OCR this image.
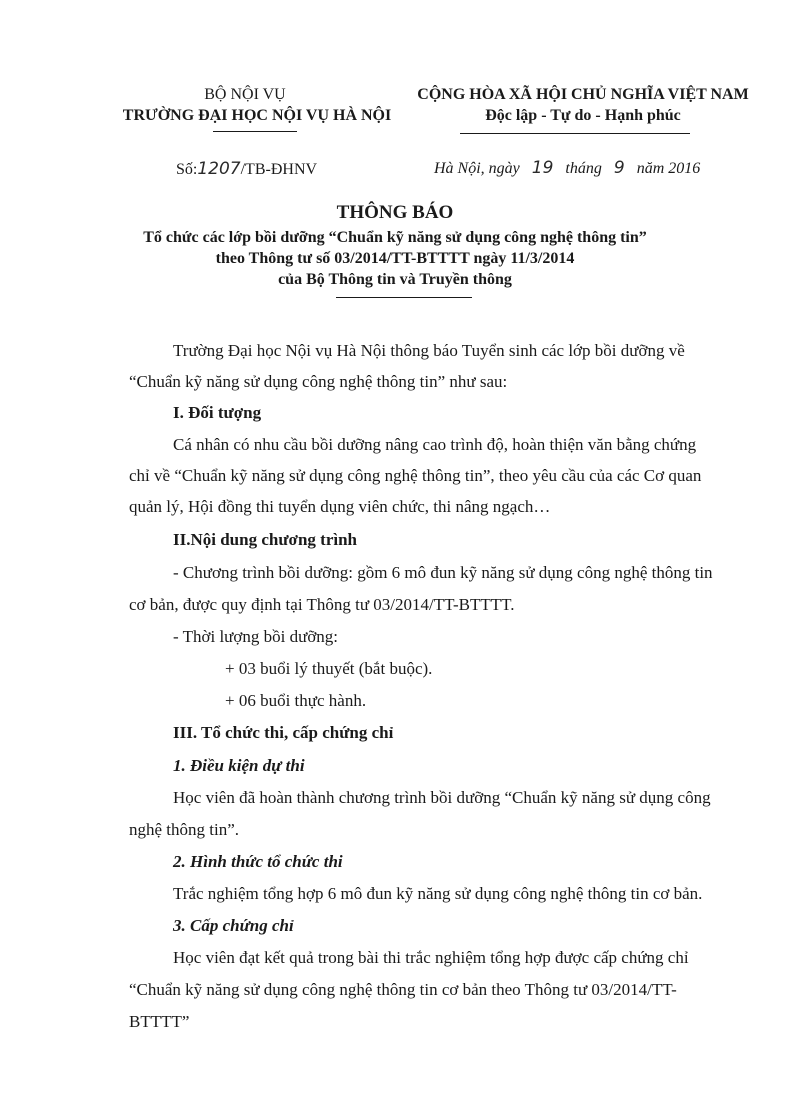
BỘ NỘI VỤ
TRƯỜNG ĐẠI HỌC NỘI VỤ HÀ NỘI
CỘNG HÒA XÃ HỘI CHỦ NGHĨA VIỆT NAM
Độc lập - Tự do - Hạnh phúc
Số:1207/TB-ĐHNV	Hà Nội, ngày 19 tháng 9 năm 2016
THÔNG BÁO
Tổ chức các lớp bồi dưỡng “Chuẩn kỹ năng sử dụng công nghệ thông tin”
theo Thông tư số 03/2014/TT-BTTTT ngày 11/3/2014
của Bộ Thông tin và Truyền thông
Trường Đại học Nội vụ Hà Nội thông báo Tuyển sinh các lớp bồi dưỡng về
“Chuẩn kỹ năng sử dụng công nghệ thông tin” như sau:
I. Đối tượng
Cá nhân có nhu cầu bồi dưỡng nâng cao trình độ, hoàn thiện văn bằng chứng
chỉ về “Chuẩn kỹ năng sử dụng công nghệ thông tin”, theo yêu cầu của các Cơ quan
quản lý, Hội đồng thi tuyển dụng viên chức, thi nâng ngạch…
II.Nội dung chương trình
- Chương trình bồi dưỡng: gồm 6 mô đun kỹ năng sử dụng công nghệ thông tin
cơ bản, được quy định tại Thông tư 03/2014/TT-BTTTT.
- Thời lượng bồi dưỡng:
+ 03 buổi lý thuyết (bắt buộc).
+ 06 buổi thực hành.
III. Tổ chức thi, cấp chứng chỉ
1. Điều kiện dự thi
Học viên đã hoàn thành chương trình bồi dưỡng “Chuẩn kỹ năng sử dụng công
nghệ thông tin”.
2. Hình thức tổ chức thi
Trắc nghiệm tổng hợp 6 mô đun kỹ năng sử dụng công nghệ thông tin cơ bản.
3. Cấp chứng chỉ
Học viên đạt kết quả trong bài thi trắc nghiệm tổng hợp được cấp chứng chỉ
“Chuẩn kỹ năng sử dụng công nghệ thông tin cơ bản theo Thông tư 03/2014/TT-
BTTTT”
